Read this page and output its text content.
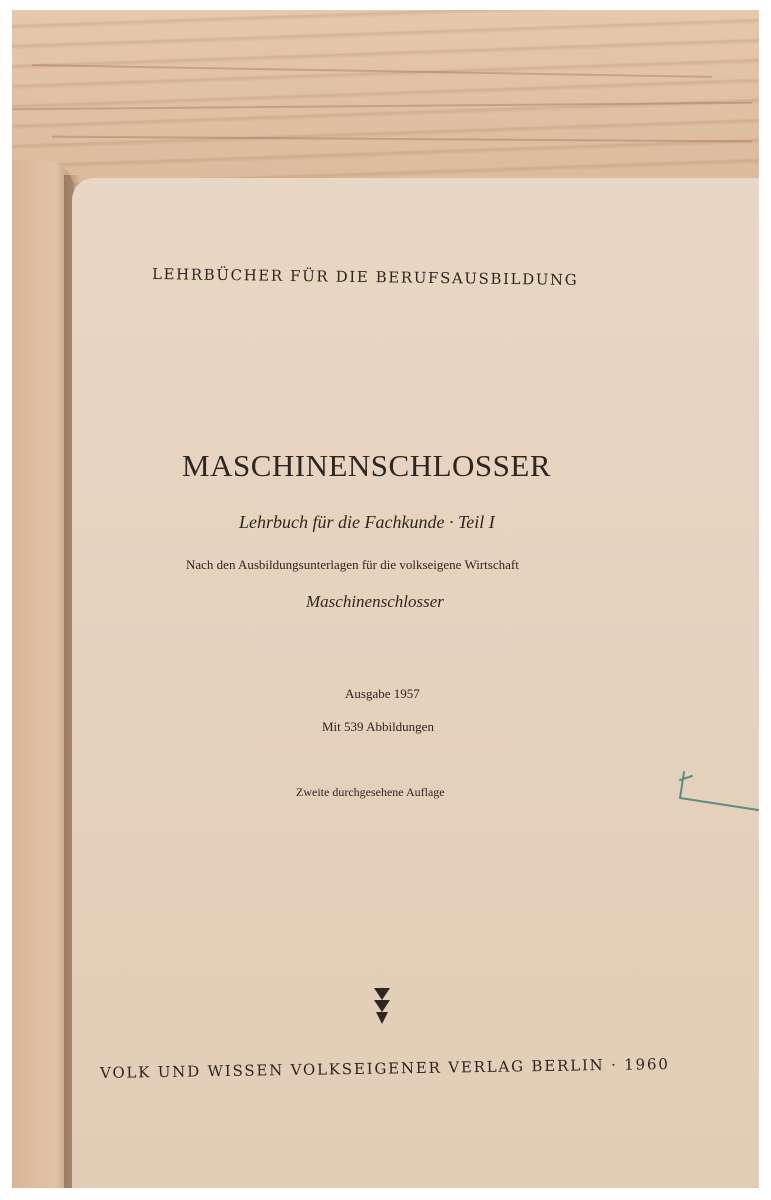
LEHRBÜCHER FÜR DIE BERUFSAUSBILDUNG
MASCHINENSCHLOSSER
Lehrbuch für die Fachkunde · Teil I
Nach den Ausbildungsunterlagen für die volkseigene Wirtschaft
Maschinenschlosser
Ausgabe 1957
Mit 539 Abbildungen
Zweite durchgesehene Auflage
VOLK UND WISSEN VOLKSEIGENER VERLAG BERLIN · 1960
